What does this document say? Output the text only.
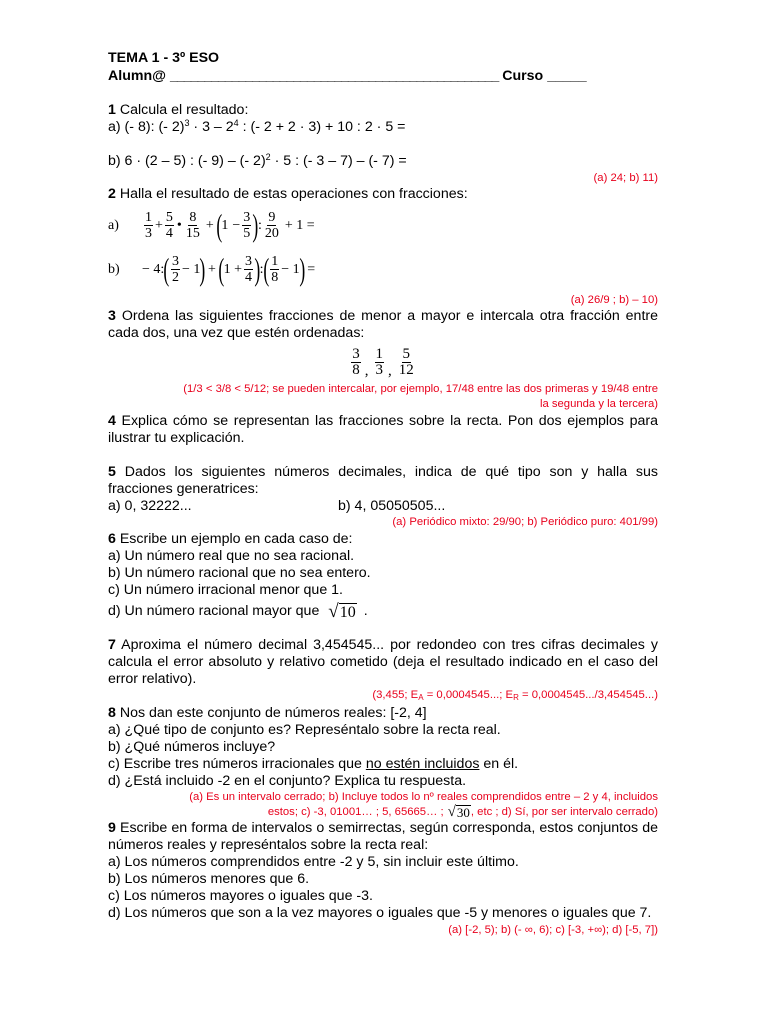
TEMA 1 - 3º ESO
Alumn@ ________________________________________________ Curso _____
1 Calcula el resultado:
a) (- 8): (- $2)^3 \cdot 3 - 2^4$ : (- 2 + 2 · 3) + 10 : 2 · 5 =
b) 6 · (2 – 5) : (- 9) – (- 2)$^2$ · 5 : (- 3 – 7) – (- 7) =
(a) 24; b) 11)
2 Halla el resultado de estas operaciones con fracciones:
a)	$\frac{1}{3} + \frac{5}{4}$ • $\frac{8}{15}$ + ( $1 - \frac{3}{5}$ ) : $\frac{9}{20} + 1$ =
b)	− 4: ( $\frac{3}{2} - 1$ ) + ( $1 + \frac{3}{4}$ ) : ( $\frac{1}{8} - 1$ ) =
(a) 26/9 ; b) – 10)
3 Ordena las siguientes fracciones de menor a mayor e intercala otra fracción entre cada dos, una vez que estén ordenadas:
$\frac{3}{8}$ , $\frac{1}{3}$ , $\frac{5}{12}$
(1/3 < 3/8 < 5/12; se pueden intercalar, por ejemplo, 17/48 entre las dos primeras y 19/48 entre
la segunda y la tercera)
4 Explica cómo se representan las fracciones sobre la recta. Pon dos ejemplos para ilustrar tu explicación.
5 Dados los siguientes números decimales, indica de qué tipo son y halla sus fracciones generatrices:
a) 0, 32222...	b) 4, 05050505...
(a) Periódico mixto: 29/90; b) Periódico puro: 401/99)
6 Escribe un ejemplo en cada caso de:
a) Un número real que no sea racional.
b) Un número racional que no sea entero.
c) Un número irracional menor que 1.
d) Un número racional mayor que √ 10 .
7 Aproxima el número decimal 3,454545... por redondeo con tres cifras decimales y calcula el error absoluto y relativo cometido (deja el resultado indicado en el caso del error relativo).
(3,455; $E_A = 0,0004545$...; $E_R = 0,0004545.../3,454545$...)
8 Nos dan este conjunto de números reales: [-2, 4]
a) ¿Qué tipo de conjunto es? Represéntalo sobre la recta real.
b) ¿Qué números incluye?
c) Escribe tres números irracionales que no estén incluidos en él.
d) ¿Está incluido -2 en el conjunto? Explica tu respuesta.
(a) Es un intervalo cerrado; b) Incluye todos lo nº reales comprendidos entre – 2 y 4, incluidos
estos; c) -3, 01001… ; 5, 65665… ; √ 30 , etc ; d) Sí, por ser intervalo cerrado)
9 Escribe en forma de intervalos o semirrectas, según corresponda, estos conjuntos de números reales y represéntalos sobre la recta real:
a) Los números comprendidos entre -2 y 5, sin incluir este último.
b) Los números menores que 6.
c) Los números mayores o iguales que -3.
d) Los números que son a la vez mayores o iguales que -5 y menores o iguales que 7.
(a) [-2, 5); b) (- ∞, 6); c) [-3, +∞); d) [-5, 7])
